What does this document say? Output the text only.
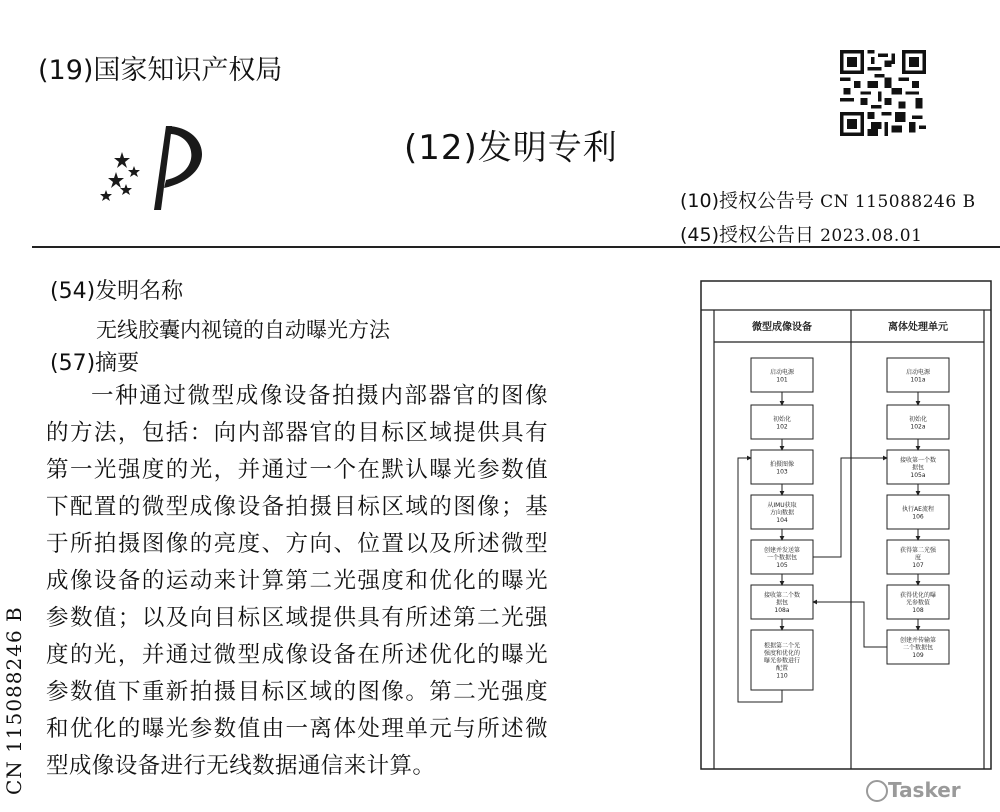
(19)国家知识产权局
(12)发明专利
(10)授权公告号 CN 115088246 B
(45)授权公告日 2023.08.01
(54)发明名称
无线胶囊内视镜的自动曝光方法
(57)摘要
一种通过微型成像设备拍摄内部器官的图像的方法，包括：向内部器官的目标区域提供具有第一光强度的光，并通过一个在默认曝光参数值下配置的微型成像设备拍摄目标区域的图像；基于所拍摄图像的亮度、方向、位置以及所述微型成像设备的运动来计算第二光强度和优化的曝光参数值；以及向目标区域提供具有所述第二光强度的光，并通过微型成像设备在所述优化的曝光参数值下重新拍摄目标区域的图像。第二光强度和优化的曝光参数值由一离体处理单元与所述微型成像设备进行无线数据通信来计算。
CN 115088246 B
微型成像设备	离体处理单元
启动电源
101
初始化
102
拍摄图像
103
从IMU获取
方向数据
104
创建并发送第
一个数据包
105
接收第二个数
据包
108a
根据第二个光
强度和优化的
曝光参数进行
配置
110
启动电源
101a
初始化
102a
接收第一个数
据包
105a
执行AE流程
106
获得第二光强
度
107
获得优化的曝
光参数值
108
创建并传输第
二个数据包
109
Tasker
